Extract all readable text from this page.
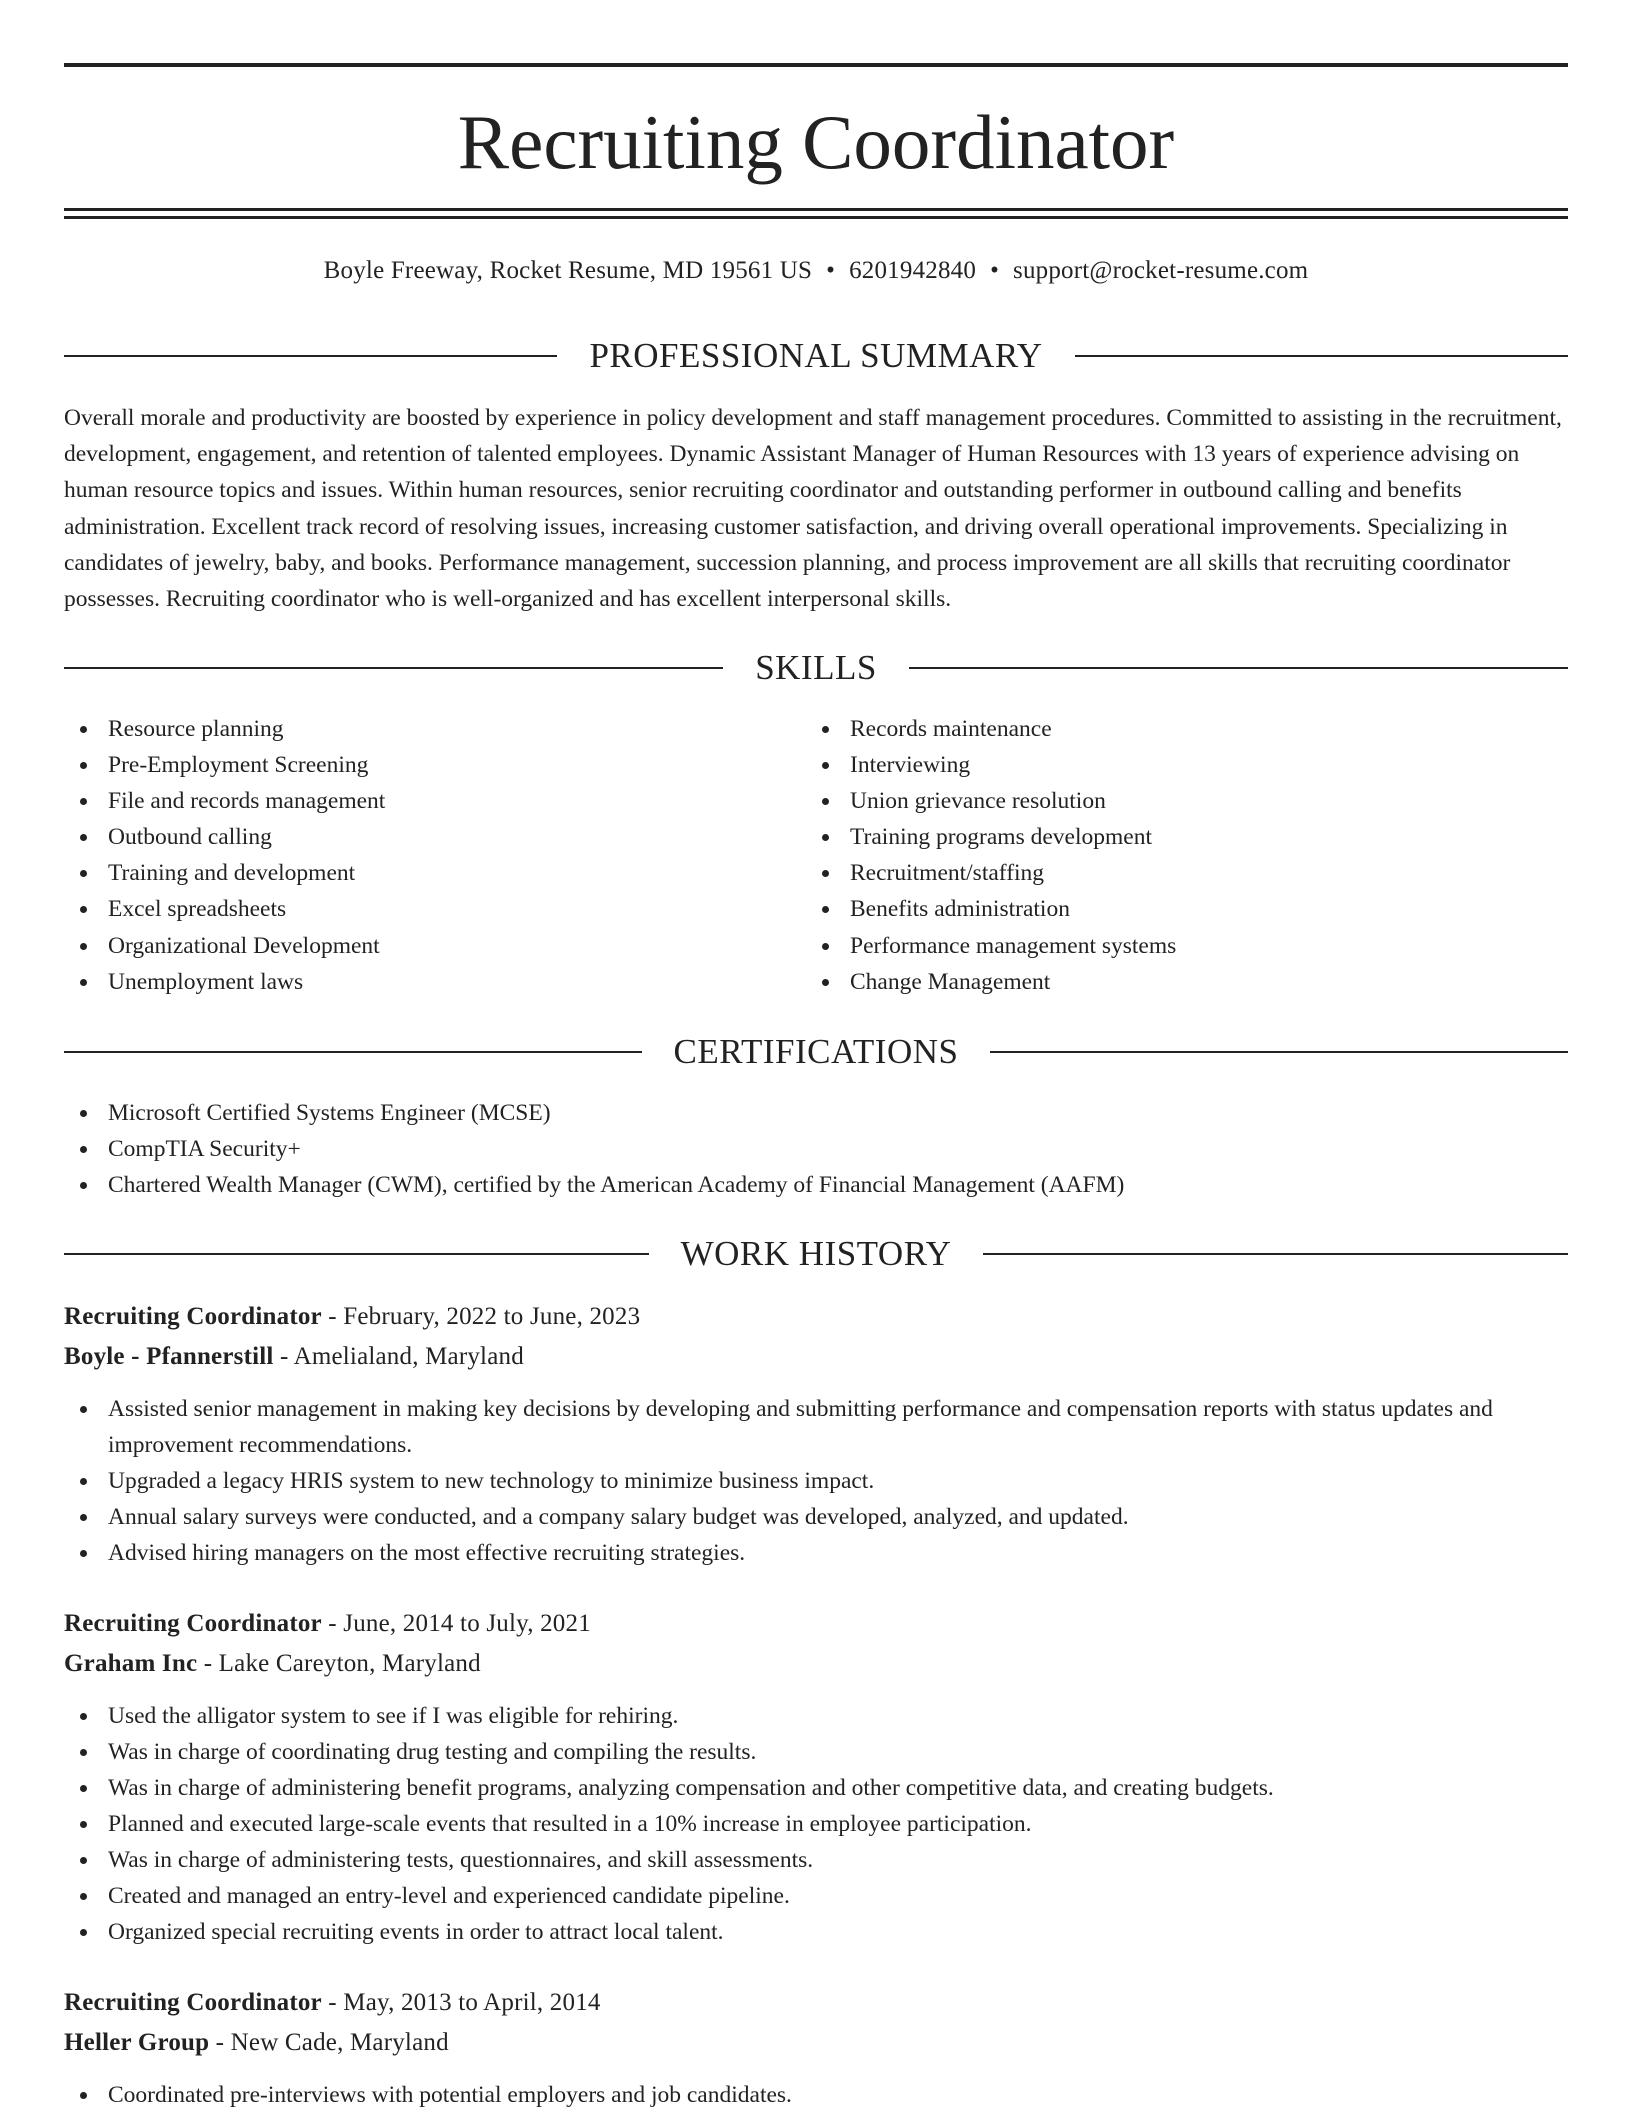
Recruiting Coordinator
Boyle Freeway, Rocket Resume, MD 19561 US • 6201942840 • support@rocket-resume.com
PROFESSIONAL SUMMARY

Overall morale and productivity are boosted by experience in policy development and staff management procedures. Committed to assisting in the recruitment, development, engagement, and retention of talented employees. Dynamic Assistant Manager of Human Resources with 13 years of experience advising on human resource topics and issues. Within human resources, senior recruiting coordinator and outstanding performer in outbound calling and benefits administration. Excellent track record of resolving issues, increasing customer satisfaction, and driving overall operational improvements. Specializing in candidates of jewelry, baby, and books. Performance management, succession planning, and process improvement are all skills that recruiting coordinator possesses. Recruiting coordinator who is well-organized and has excellent interpersonal skills.

SKILLS
Resource planning
Pre-Employment Screening
File and records management
Outbound calling
Training and development
Excel spreadsheets
Organizational Development
Unemployment laws
Records maintenance
Interviewing
Union grievance resolution
Training programs development
Recruitment/staffing
Benefits administration
Performance management systems
Change Management
CERTIFICATIONS
Microsoft Certified Systems Engineer (MCSE)
CompTIA Security+
Chartered Wealth Manager (CWM), certified by the American Academy of Financial Management (AAFM)
WORK HISTORY
Recruiting Coordinator - February, 2022 to June, 2023
Boyle - Pfannerstill - Amelialand, Maryland
Assisted senior management in making key decisions by developing and submitting performance and compensation reports with status updates and improvement recommendations.
Upgraded a legacy HRIS system to new technology to minimize business impact.
Annual salary surveys were conducted, and a company salary budget was developed, analyzed, and updated.
Advised hiring managers on the most effective recruiting strategies.
Recruiting Coordinator - June, 2014 to July, 2021
Graham Inc - Lake Careyton, Maryland
Used the alligator system to see if I was eligible for rehiring.
Was in charge of coordinating drug testing and compiling the results.
Was in charge of administering benefit programs, analyzing compensation and other competitive data, and creating budgets.
Planned and executed large-scale events that resulted in a 10% increase in employee participation.
Was in charge of administering tests, questionnaires, and skill assessments.
Created and managed an entry-level and experienced candidate pipeline.
Organized special recruiting events in order to attract local talent.
Recruiting Coordinator - May, 2013 to April, 2014
Heller Group - New Cade, Maryland
Coordinated pre-interviews with potential employers and job candidates.
